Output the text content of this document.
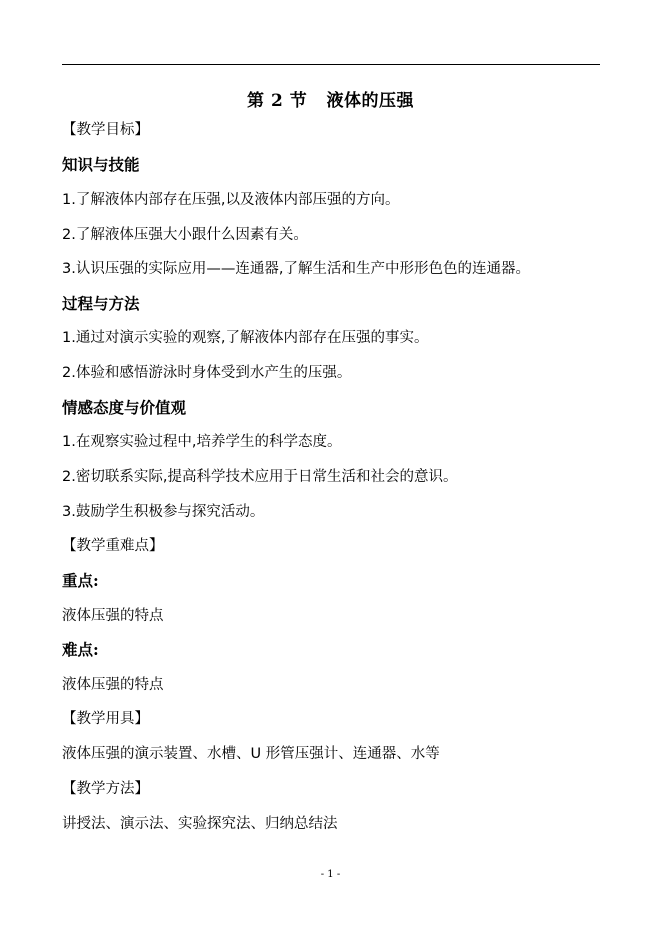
第 2 节   液体的压强
【教学目标】
知识与技能
1.了解液体内部存在压强,以及液体内部压强的方向。
2.了解液体压强大小跟什么因素有关。
3.认识压强的实际应用——连通器,了解生活和生产中形形色色的连通器。
过程与方法
1.通过对演示实验的观察,了解液体内部存在压强的事实。
2.体验和感悟游泳时身体受到水产生的压强。
情感态度与价值观
1.在观察实验过程中,培养学生的科学态度。
2.密切联系实际,提高科学技术应用于日常生活和社会的意识。
3.鼓励学生积极参与探究活动。
【教学重难点】
重点:
液体压强的特点
难点:
液体压强的特点
【教学用具】
液体压强的演示装置、水槽、U 形管压强计、连通器、水等
【教学方法】
讲授法、演示法、实验探究法、归纳总结法
- 1 -
